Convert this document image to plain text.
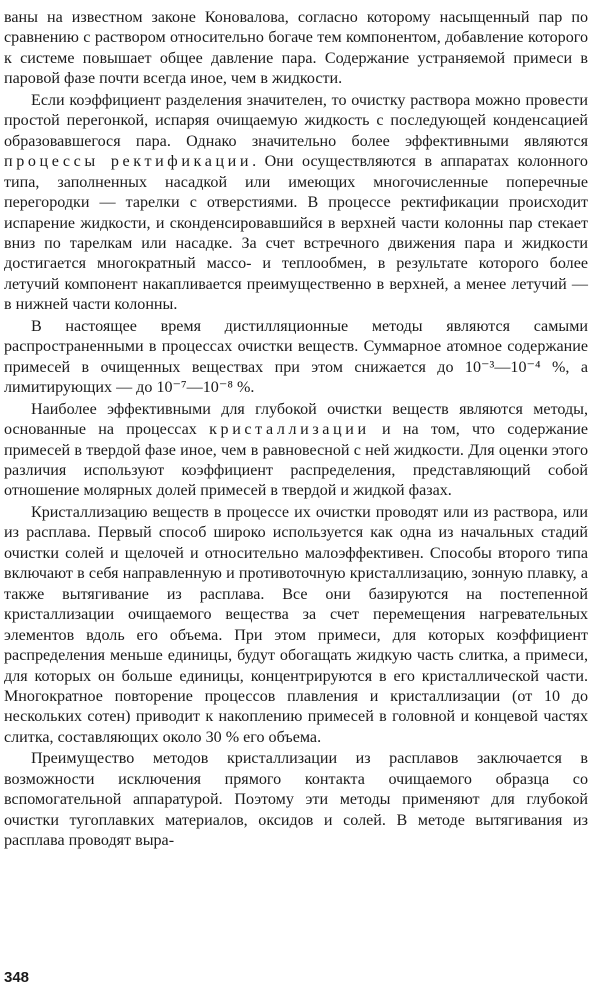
ваны на известном законе Коновалова, согласно которому насыщенный пар по сравнению с раствором относительно богаче тем компонентом, добавление которого к системе повышает общее давление пара. Содержание устраняемой примеси в паровой фазе почти всегда иное, чем в жидкости.

Если коэффициент разделения значителен, то очистку раствора можно провести простой перегонкой, испаряя очищаемую жидкость с последующей конденсацией образовавшегося пара. Однако значительно более эффективными являются процессы ректификации. Они осуществляются в аппаратах колонного типа, заполненных насадкой или имеющих многочисленные поперечные перегородки — тарелки с отверстиями. В процессе ректификации происходит испарение жидкости, и сконденсировавшийся в верхней части колонны пар стекает вниз по тарелкам или насадке. За счет встречного движения пара и жидкости достигается многократный массо- и теплообмен, в результате которого более летучий компонент накапливается преимущественно в верхней, а менее летучий — в нижней части колонны.

В настоящее время дистилляционные методы являются самыми распространенными в процессах очистки веществ. Суммарное атомное содержание примесей в очищенных веществах при этом снижается до 10⁻³—10⁻⁴ %, а лимитирующих — до 10⁻⁷—10⁻⁸ %.

Наиболее эффективными для глубокой очистки веществ являются методы, основанные на процессах кристаллизации и на том, что содержание примесей в твердой фазе иное, чем в равновесной с ней жидкости. Для оценки этого различия используют коэффициент распределения, представляющий собой отношение молярных долей примесей в твердой и жидкой фазах.

Кристаллизацию веществ в процессе их очистки проводят или из раствора, или из расплава. Первый способ широко используется как одна из начальных стадий очистки солей и щелочей и относительно малоэффективен. Способы второго типа включают в себя направленную и противоточную кристаллизацию, зонную плавку, а также вытягивание из расплава. Все они базируются на постепенной кристаллизации очищаемого вещества за счет перемещения нагревательных элементов вдоль его объема. При этом примеси, для которых коэффициент распределения меньше единицы, будут обогащать жидкую часть слитка, а примеси, для которых он больше единицы, концентрируются в его кристаллической части. Многократное повторение процессов плавления и кристаллизации (от 10 до нескольких сотен) приводит к накоплению примесей в головной и концевой частях слитка, составляющих около 30 % его объема.

Преимущество методов кристаллизации из расплавов заключается в возможности исключения прямого контакта очищаемого образца со вспомогательной аппаратурой. Поэтому эти методы применяют для глубокой очистки тугоплавких материалов, оксидов и солей. В методе вытягивания из расплава проводят выра-

348
